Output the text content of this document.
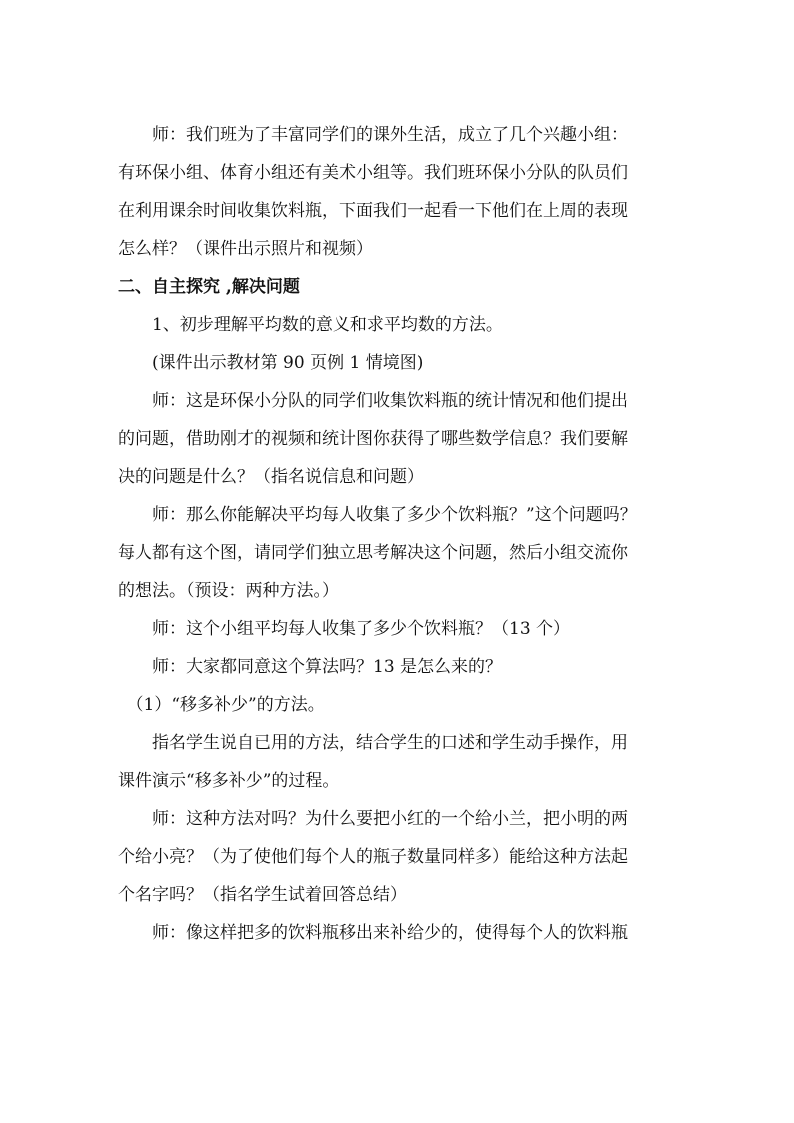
　　师：我们班为了丰富同学们的课外生活，成立了几个兴趣小组：
有环保小组、体育小组还有美术小组等。我们班环保小分队的队员们
在利用课余时间收集饮料瓶，下面我们一起看一下他们在上周的表现
怎么样？（课件出示照片和视频）
二、自主探究 ,解决问题
　　1、初步理解平均数的意义和求平均数的方法。
　　(课件出示教材第 90 页例 1 情境图)
　　师：这是环保小分队的同学们收集饮料瓶的统计情况和他们提出
的问题，借助刚才的视频和统计图你获得了哪些数学信息？我们要解
决的问题是什么？（指名说信息和问题）
　　师：那么你能解决平均每人收集了多少个饮料瓶？”这个问题吗？
每人都有这个图，请同学们独立思考解决这个问题，然后小组交流你
的想法。（预设：两种方法。）
　　师：这个小组平均每人收集了多少个饮料瓶？（13 个）
　　师：大家都同意这个算法吗？13 是怎么来的？
　（1）“移多补少”的方法。
　　指名学生说自已用的方法，结合学生的口述和学生动手操作，用
课件演示“移多补少”的过程。
　　师：这种方法对吗？为什么要把小红的一个给小兰，把小明的两
个给小亮？（为了使他们每个人的瓶子数量同样多）能给这种方法起
个名字吗？（指名学生试着回答总结）
　　师：像这样把多的饮料瓶移出来补给少的，使得每个人的饮料瓶
